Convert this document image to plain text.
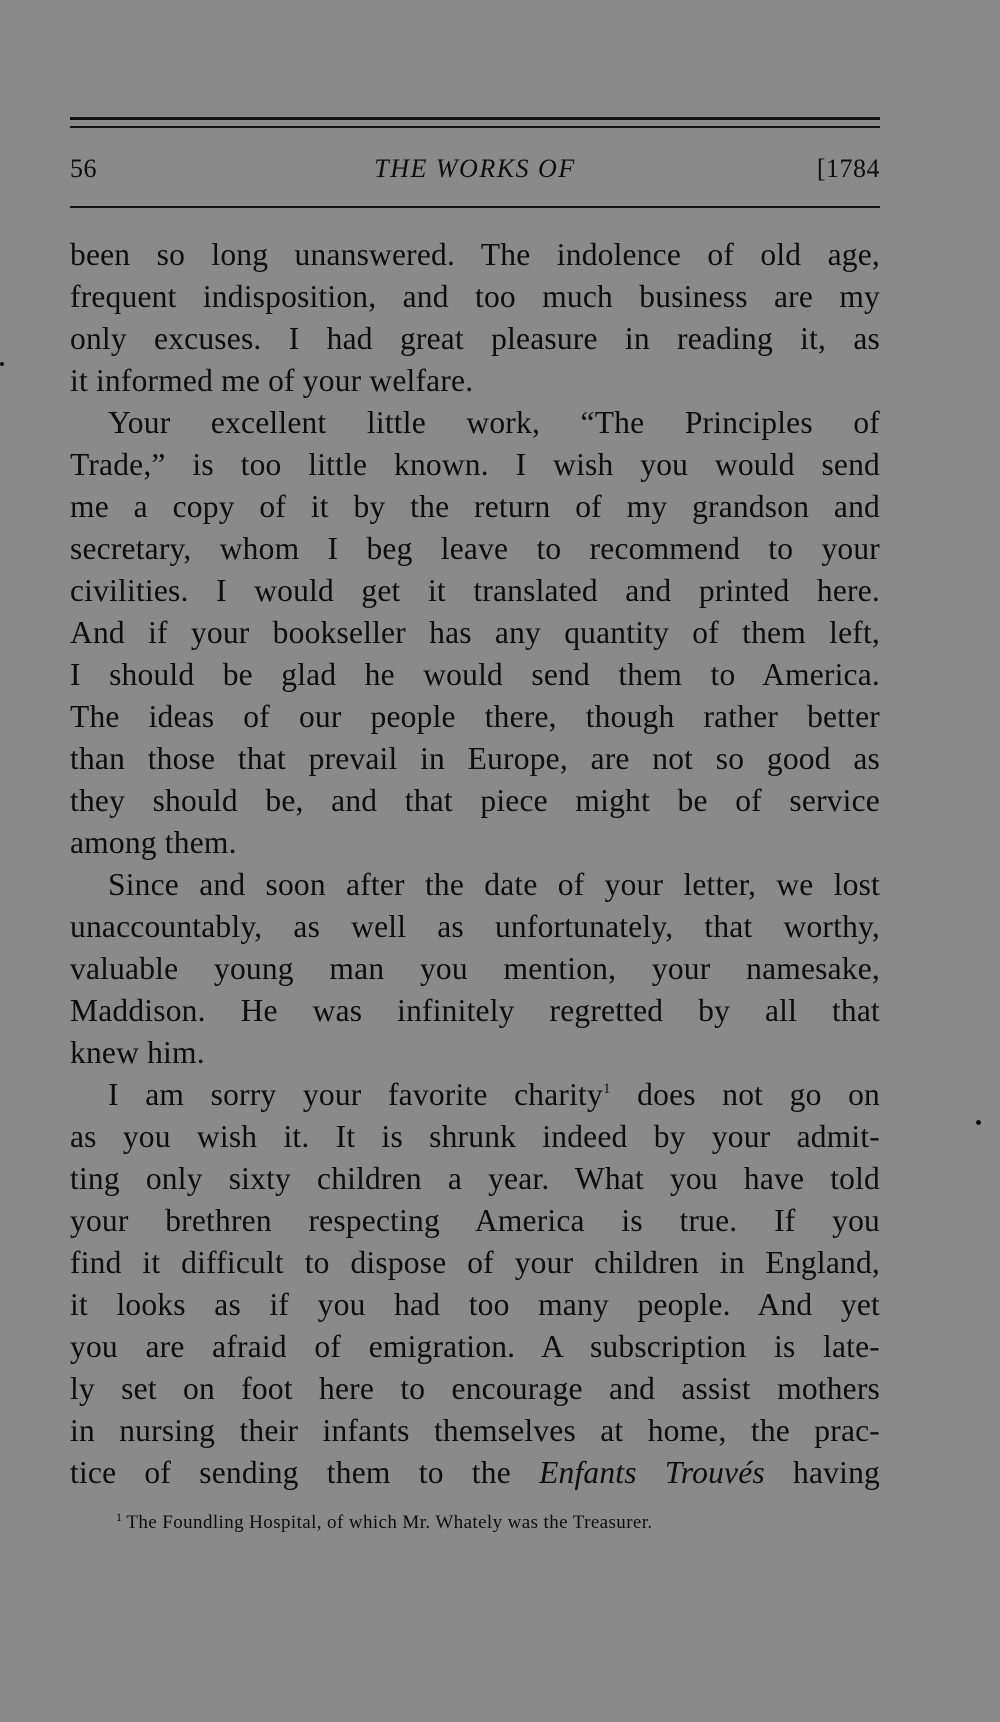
56	THE WORKS OF	[1784

been so long unanswered. The indolence of old age,
frequent indisposition, and too much business are my
only excuses. I had great pleasure in reading it, as
it informed me of your welfare.

Your excellent little work, “The Principles of
Trade,” is too little known. I wish you would send
me a copy of it by the return of my grandson and
secretary, whom I beg leave to recommend to your
civilities. I would get it translated and printed here.
And if your bookseller has any quantity of them left,
I should be glad he would send them to America.
The ideas of our people there, though rather better
than those that prevail in Europe, are not so good as
they should be, and that piece might be of service
among them.

Since and soon after the date of your letter, we lost
unaccountably, as well as unfortunately, that worthy,
valuable young man you mention, your namesake,
Maddison. He was infinitely regretted by all that
knew him.

I am sorry your favorite charity$^1$ does not go on
as you wish it. It is shrunk indeed by your admit-
ting only sixty children a year. What you have told
your brethren respecting America is true. If you
find it difficult to dispose of your children in England,
it looks as if you had too many people. And yet
you are afraid of emigration. A subscription is late-
ly set on foot here to encourage and assist mothers
in nursing their infants themselves at home, the prac-
tice of sending them to the Enfants Trouvés having

$^1$ The Foundling Hospital, of which Mr. Whately was the Treasurer.
